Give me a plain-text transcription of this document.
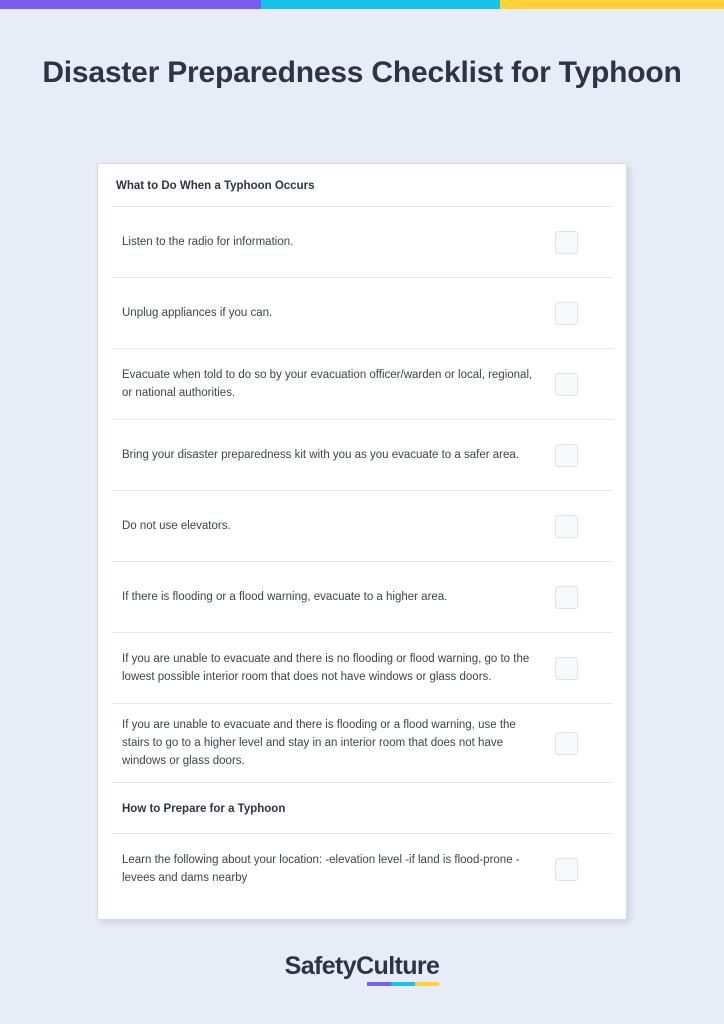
Disaster Preparedness Checklist for Typhoon
What to Do When a Typhoon Occurs
Listen to the radio for information.
Unplug appliances if you can.
Evacuate when told to do so by your evacuation officer/warden or local, regional, or national authorities.
Bring your disaster preparedness kit with you as you evacuate to a safer area.
Do not use elevators.
If there is flooding or a flood warning, evacuate to a higher area.
If you are unable to evacuate and there is no flooding or flood warning, go to the lowest possible interior room that does not have windows or glass doors.
If you are unable to evacuate and there is flooding or a flood warning, use the stairs to go to a higher level and stay in an interior room that does not have windows or glass doors.
How to Prepare for a Typhoon
Learn the following about your location: -elevation level -if land is flood-prone -levees and dams nearby
SafetyCulture
